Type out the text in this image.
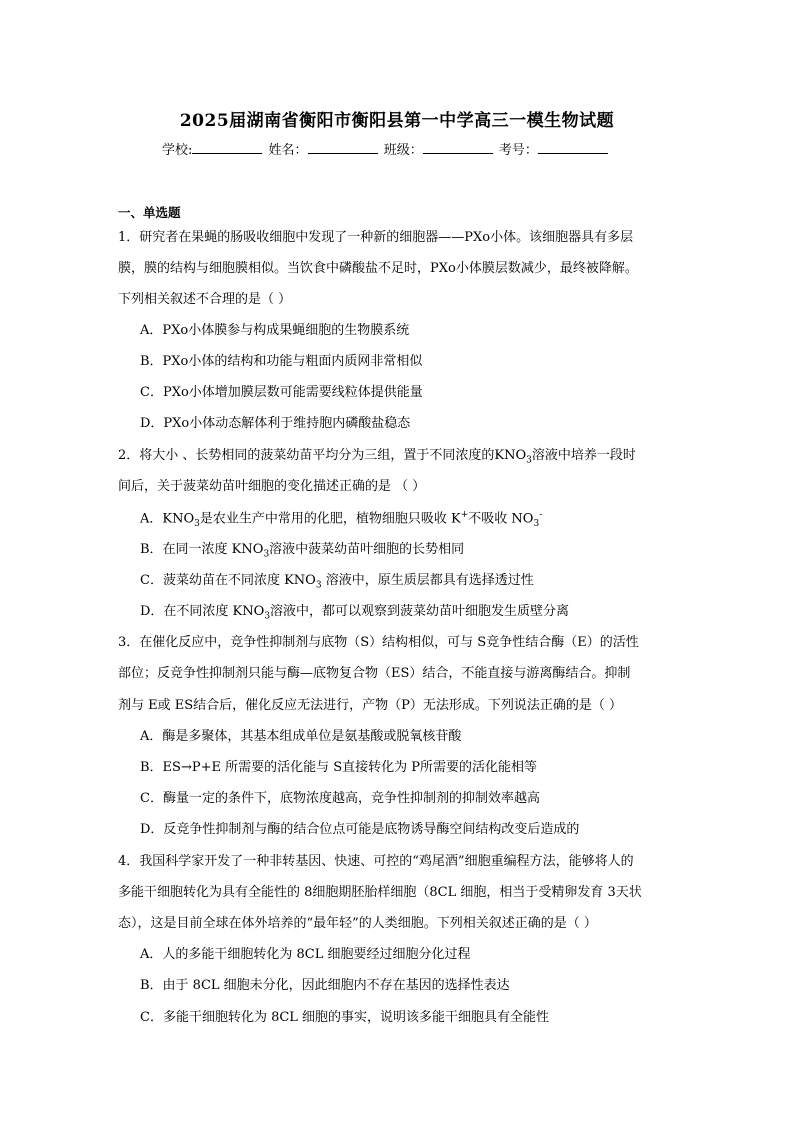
2025届湖南省衡阳市衡阳县第一中学高三一模生物试题
学校:	姓名：	班级：	考号：
一、单选题
1．研究者在果蝇的肠吸收细胞中发现了一种新的细胞器——PXo小体。该细胞器具有多层
膜，膜的结构与细胞膜相似。当饮食中磷酸盐不足时，PXo小体膜层数减少，最终被降解。
下列相关叙述不合理的是（ ）
A．PXo小体膜参与构成果蝇细胞的生物膜系统
B．PXo小体的结构和功能与粗面内质网非常相似
C．PXo小体增加膜层数可能需要线粒体提供能量
D．PXo小体动态解体利于维持胞内磷酸盐稳态
2．将大小 、长势相同的菠菜幼苗平均分为三组，置于不同浓度的$KNO_3$溶液中培养一段时
间后，关于菠菜幼苗叶细胞的变化描述正确的是 （ ）
A．$KNO_3$是农业生产中常用的化肥，植物细胞只吸收 K+不吸收 $NO_3^-$
B．在同一浓度 $KNO_3$溶液中菠菜幼苗叶细胞的长势相同
C．菠菜幼苗在不同浓度 $KNO_3$ 溶液中，原生质层都具有选择透过性
D．在不同浓度 $KNO_3$溶液中，都可以观察到菠菜幼苗叶细胞发生质壁分离
3．在催化反应中，竞争性抑制剂与底物（S）结构相似，可与 S竞争性结合酶（E）的活性
部位；反竞争性抑制剂只能与酶—底物复合物（ES）结合，不能直接与游离酶结合。抑制
剂与 E或 ES结合后，催化反应无法进行，产物（P）无法形成。下列说法正确的是（ ）
A．酶是多聚体，其基本组成单位是氨基酸或脱氧核苷酸
B．ES→P+E 所需要的活化能与 S直接转化为 P所需要的活化能相等
C．酶量一定的条件下，底物浓度越高，竞争性抑制剂的抑制效率越高
D．反竞争性抑制剂与酶的结合位点可能是底物诱导酶空间结构改变后造成的
4．我国科学家开发了一种非转基因、快速、可控的“鸡尾酒”细胞重编程方法，能够将人的
多能干细胞转化为具有全能性的 8细胞期胚胎样细胞（8CL 细胞，相当于受精卵发育 3天状
态），这是目前全球在体外培养的“最年轻”的人类细胞。下列相关叙述正确的是（ ）
A．人的多能干细胞转化为 8CL 细胞要经过细胞分化过程
B．由于 8CL 细胞未分化，因此细胞内不存在基因的选择性表达
C．多能干细胞转化为 8CL 细胞的事实，说明该多能干细胞具有全能性
